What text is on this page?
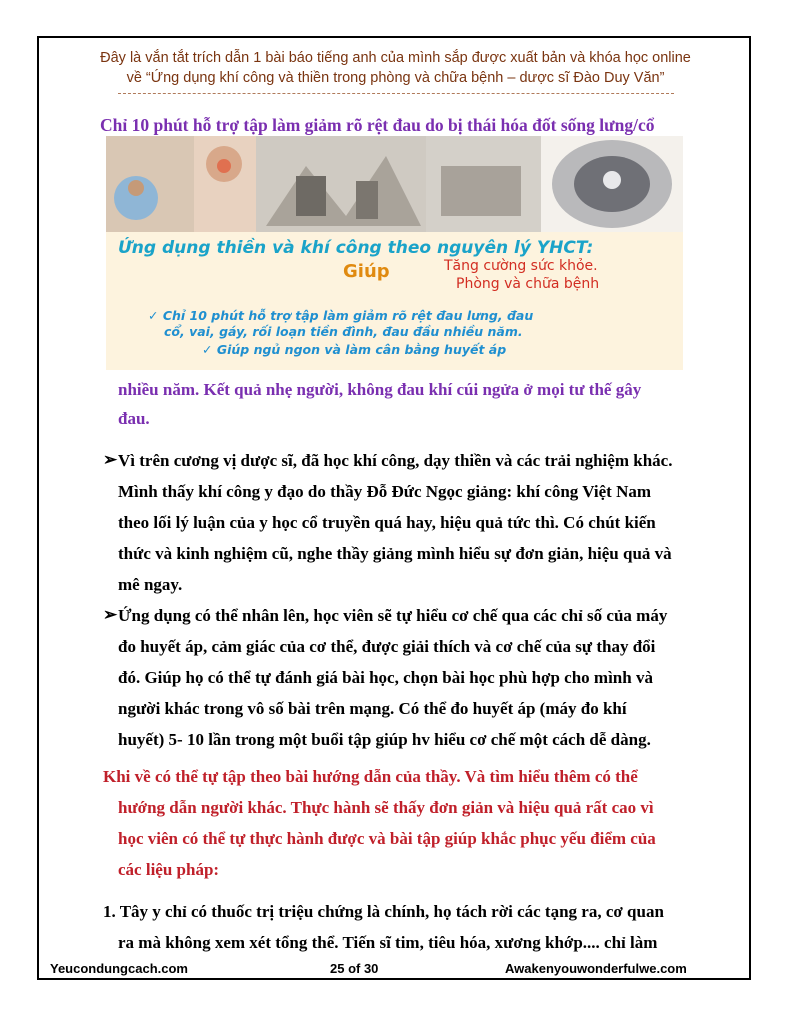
Đây là vắn tắt trích dẫn 1 bài báo tiếng anh của mình sắp được xuất bản và khóa học online
về “Ứng dụng khí công và thiền trong phòng và chữa bệnh – dược sĩ Đào Duy Văn”
Chỉ 10 phút hỗ trợ tập làm giảm rõ rệt đau do bị thái hóa đốt sống lưng/cổ
Ứng dụng thiền và khí công theo nguyên lý YHCT:
Giúp	Tăng cường sức khỏe.
Phòng và chữa bệnh
✓ Chỉ 10 phút hỗ trợ tập làm giảm rõ rệt đau lưng, đau
cổ, vai, gáy, rối loạn tiền đình, đau đầu nhiều năm.
✓ Giúp ngủ ngon và làm cân bằng huyết áp
nhiều năm. Kết quả nhẹ người, không đau khí cúi ngửa ở mọi tư thế gây
đau.
➢ Vì trên cương vị dược sĩ, đã học khí công, dạy thiền và các trải nghiệm khác.
Mình thấy khí công y đạo do thầy Đỗ Đức Ngọc giảng: khí công Việt Nam
theo lối lý luận của y học cổ truyền quá hay, hiệu quả tức thì. Có chút kiến
thức và kinh nghiệm cũ, nghe thầy giảng mình hiểu sự đơn giản, hiệu quả và
mê ngay.
➢ Ứng dụng có thể nhân lên, học viên sẽ tự hiểu cơ chế qua các chỉ số của máy
đo huyết áp, cảm giác của cơ thể, được giải thích và cơ chế của sự thay đổi
đó. Giúp họ có thể tự đánh giá bài học, chọn bài học phù hợp cho mình và
người khác trong vô số bài trên mạng. Có thể đo huyết áp (máy đo khí
huyết) 5- 10 lần trong một buổi tập giúp hv hiểu cơ chế một cách dễ dàng.
Khi về có thể tự tập theo bài hướng dẫn của thầy. Và tìm hiểu thêm có thể
hướng dẫn người khác. Thực hành sẽ thấy đơn giản và hiệu quả rất cao vì
học viên có thể tự thực hành được và bài tập giúp khắc phục yếu điểm của
các liệu pháp:
1. Tây y chỉ có thuốc trị triệu chứng là chính, họ tách rời các tạng ra, cơ quan
ra mà không xem xét tổng thể. Tiến sĩ tim, tiêu hóa, xương khớp.... chỉ làm
Yeucondungcach.com	25 of 30	Awakenyouwonderfulwe.com
